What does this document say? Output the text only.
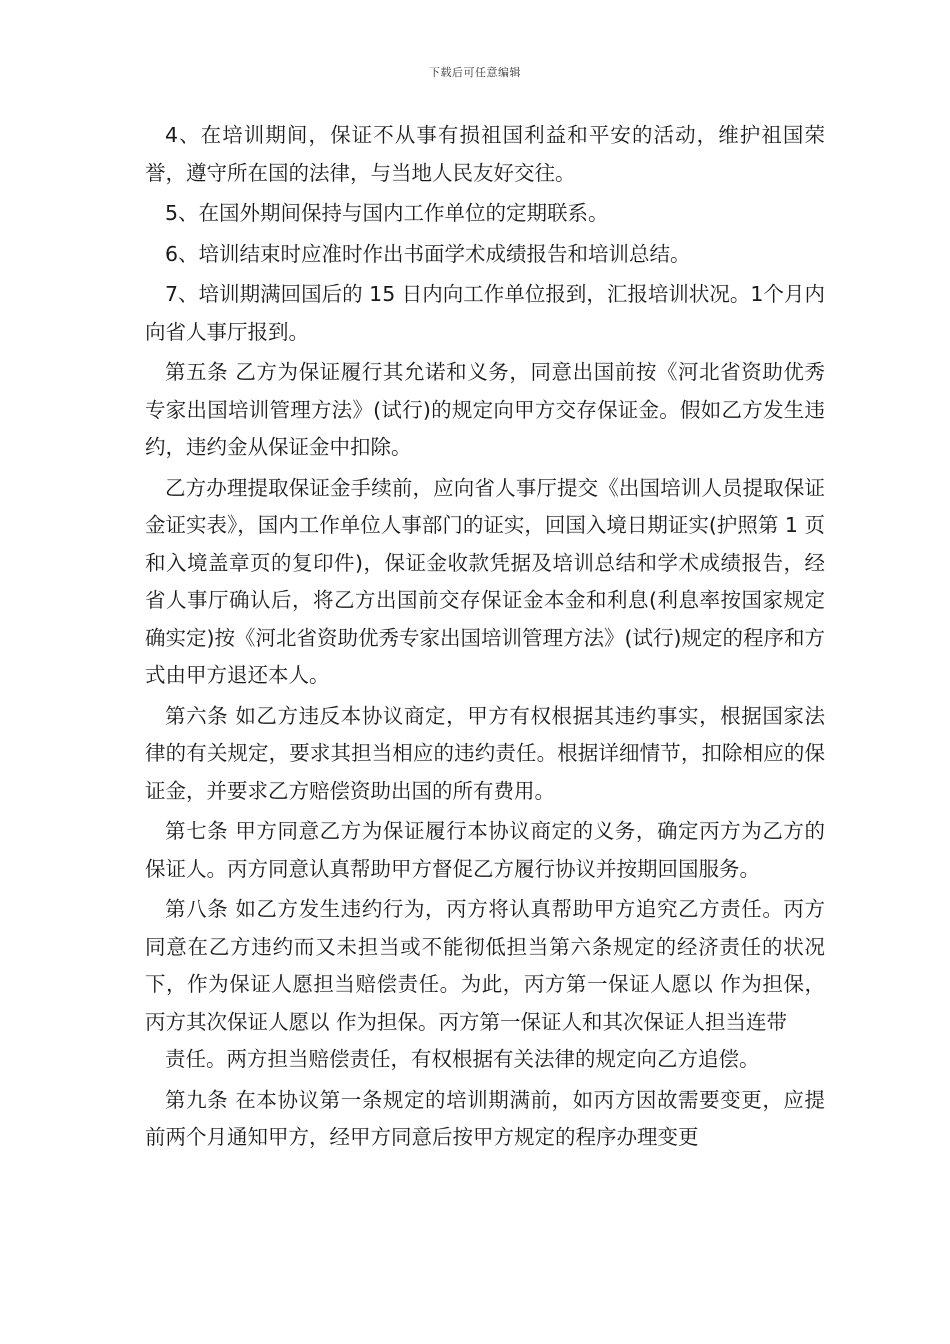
下载后可任意编辑

4、在培训期间，保证不从事有损祖国利益和平安的活动，维护祖国荣誉，遵守所在国的法律，与当地人民友好交往。

5、在国外期间保持与国内工作单位的定期联系。

6、培训结束时应准时作出书面学术成绩报告和培训总结。

7、培训期满回国后的 15 日内向工作单位报到，汇报培训状况。1个月内向省人事厅报到。

第五条 乙方为保证履行其允诺和义务，同意出国前按《河北省资助优秀专家出国培训管理方法》(试行)的规定向甲方交存保证金。假如乙方发生违约，违约金从保证金中扣除。

乙方办理提取保证金手续前，应向省人事厅提交《出国培训人员提取保证金证实表》，国内工作单位人事部门的证实，回国入境日期证实(护照第 1 页和入境盖章页的复印件)，保证金收款凭据及培训总结和学术成绩报告，经省人事厅确认后，将乙方出国前交存保证金本金和利息(利息率按国家规定确实定)按《河北省资助优秀专家出国培训管理方法》(试行)规定的程序和方式由甲方退还本人。

第六条 如乙方违反本协议商定，甲方有权根据其违约事实，根据国家法律的有关规定，要求其担当相应的违约责任。根据详细情节，扣除相应的保证金，并要求乙方赔偿资助出国的所有费用。

第七条 甲方同意乙方为保证履行本协议商定的义务，确定丙方为乙方的保证人。丙方同意认真帮助甲方督促乙方履行协议并按期回国服务。

第八条 如乙方发生违约行为，丙方将认真帮助甲方追究乙方责任。丙方同意在乙方违约而又未担当或不能彻低担当第六条规定的经济责任的状况下，作为保证人愿担当赔偿责任。为此，丙方第一保证人愿以 作为担保，丙方其次保证人愿以 作为担保。丙方第一保证人和其次保证人担当连带

责任。两方担当赔偿责任，有权根据有关法律的规定向乙方追偿。

第九条 在本协议第一条规定的培训期满前，如丙方因故需要变更，应提前两个月通知甲方，经甲方同意后按甲方规定的程序办理变更
